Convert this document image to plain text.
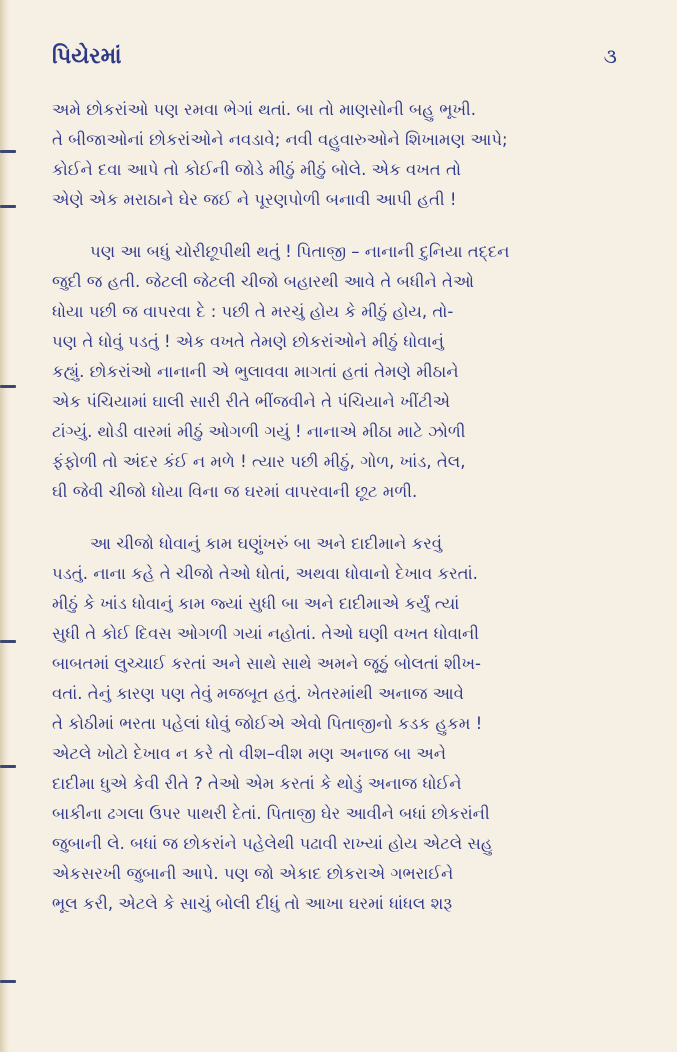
પિયેરમાં	૩

અમે છોકરાંઓ પણ રમવા ભેગાં થતાં. બા તો માણસોની બહુ ભૂખી.
તે બીજાઓનાં છોકરાંઓને નવડાવે; નવી વહુવારુઓને શિખામણ આપે;
કોઈને દવા આપે તો કોઈની જોડે મીઠું મીઠું બોલે. એક વખત તો
એણે એક મરાઠાને ઘેર જઈ ને પૂરણપોળી બનાવી આપી હતી !

પણ આ બધું ચોરીછૂપીથી થતું ! પિતાજી – નાનાની દુનિયા તદ્દન
જુદી જ હતી. જેટલી જેટલી ચીજો બહારથી આવે તે બધીને તેઓ
ધોયા પછી જ વાપરવા દે : પછી તે મરચું હોય કે મીઠું હોય, તો-
પણ તે ધોવું પડતું ! એક વખતે તેમણે છોકરાંઓને મીઠું ધોવાનું
કહ્યું. છોકરાંઓ નાનાની એ ભુલાવવા માગતાં હતાં તેમણે મીઠાને
એક પંચિયામાં ઘાલી સારી રીતે ભીંજવીને તે પંચિયાને ખીંટીએ
ટાંગ્યું. થોડી વારમાં મીઠું ઓગળી ગયું ! નાનાએ મીઠા માટે ઝોળી
ફંફોળી તો અંદર કંઈ ન મળે ! ત્યાર પછી મીઠું, ગોળ, ખાંડ, તેલ,
ઘી જેવી ચીજો ધોયા વિના જ ઘરમાં વાપરવાની છૂટ મળી.

આ ચીજો ધોવાનું કામ ઘણુંખરું બા અને દાદીમાને કરવું
પડતું. નાના કહે તે ચીજો તેઓ ધોતાં, અથવા ધોવાનો દેખાવ કરતાં.
મીઠું કે ખાંડ ધોવાનું કામ જ્યાં સુધી બા અને દાદીમાએ કર્યું ત્યાં
સુધી તે કોઈ દિવસ ઓગળી ગયાં નહોતાં. તેઓ ઘણી વખત ધોવાની
બાબતમાં લુચ્ચાઈ કરતાં અને સાથે સાથે અમને જૂઠું બોલતાં શીખ-
વતાં. તેનું કારણ પણ તેવું મજબૂત હતું. ખેતરમાંથી અનાજ આવે
તે કોઠીમાં ભરતા પહેલાં ધોવું જોઈએ એવો પિતાજીનો કડક હુકમ !
એટલે ખોટો દેખાવ ન કરે તો વીશ–વીશ મણ અનાજ બા અને
દાદીમા ધુએ કેવી રીતે ? તેઓ એમ કરતાં કે થોડું અનાજ ધોઈને
બાકીના ઢગલા ઉપર પાથરી દેતાં. પિતાજી ઘેર આવીને બધાં છોકરાંની
જુબાની લે. બધાં જ છોકરાંને પહેલેથી પઢાવી રાખ્યાં હોય એટલે સહુ
એકસરખી જુબાની આપે. પણ જો એકાદ છોકરાએ ગભરાઈને
ભૂલ કરી, એટલે કે સાચું બોલી દીધું તો આખા ઘરમાં ધાંધલ શરૂ
